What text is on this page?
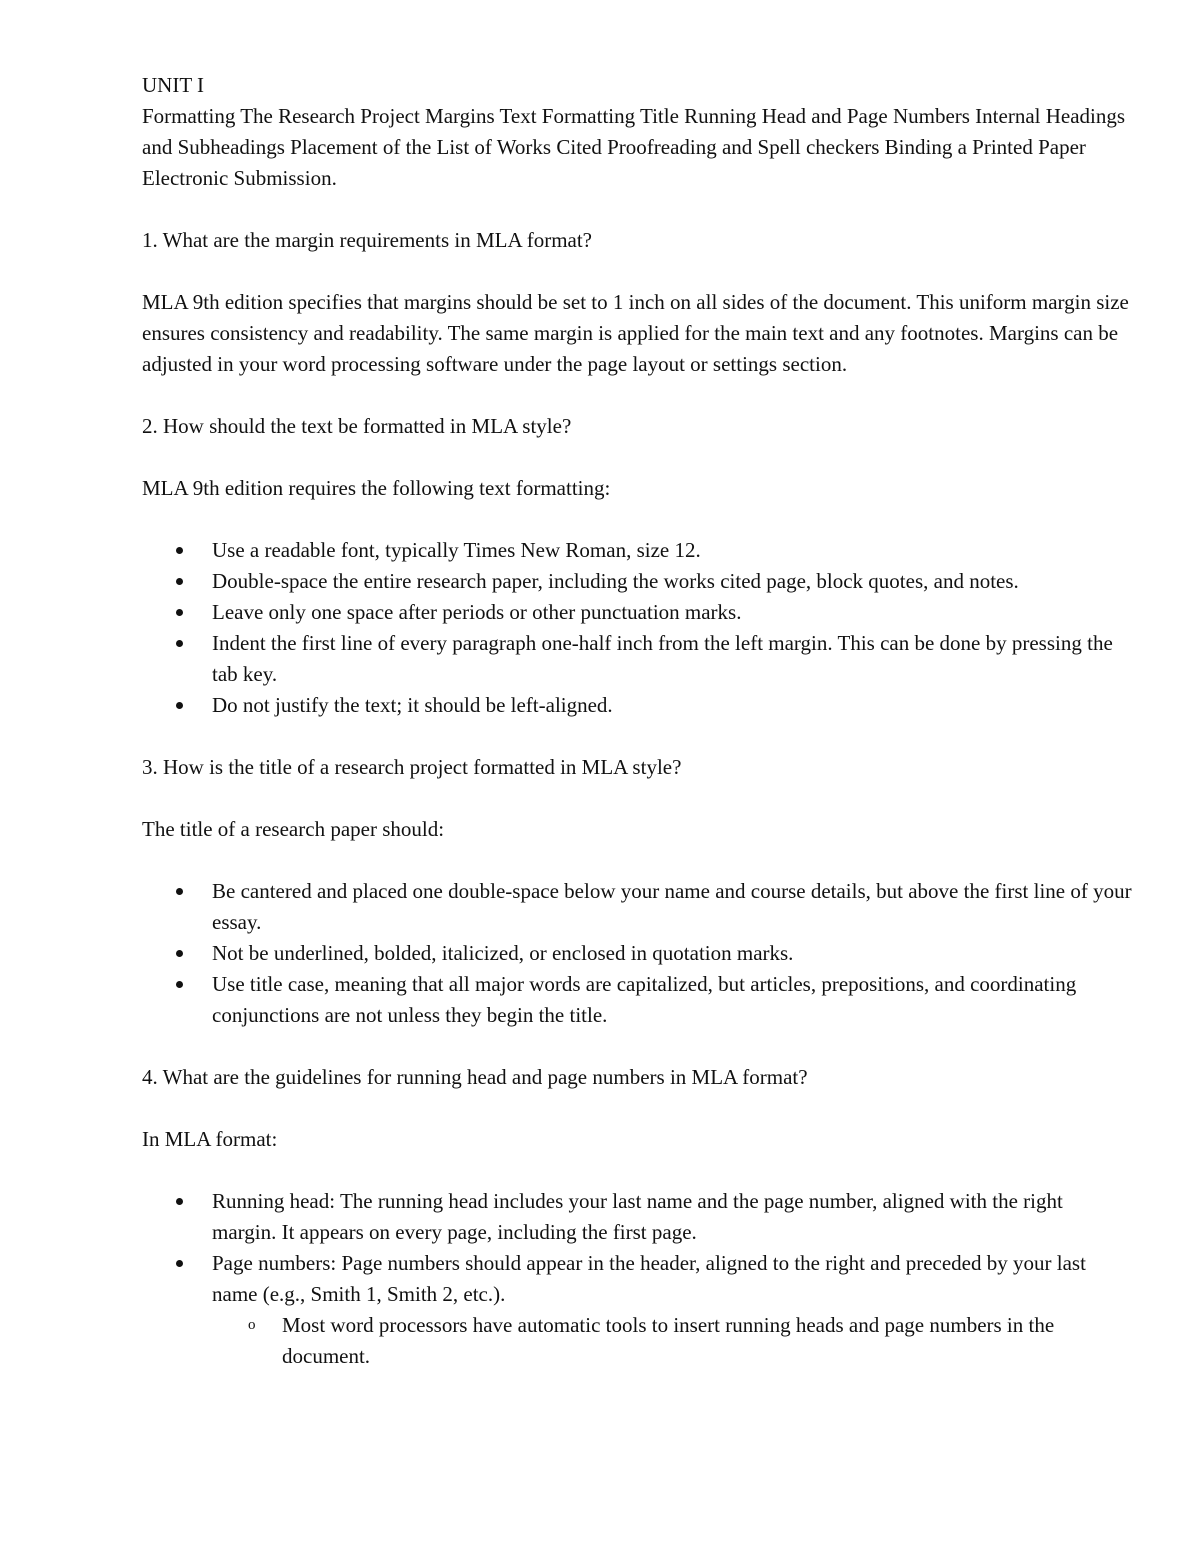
UNIT I

Formatting The Research Project Margins Text Formatting Title Running Head and Page Numbers Internal Headings and Subheadings Placement of the List of Works Cited Proofreading and Spell checkers Binding a Printed Paper Electronic Submission.

1. What are the margin requirements in MLA format?

MLA 9th edition specifies that margins should be set to 1 inch on all sides of the document. This uniform margin size ensures consistency and readability. The same margin is applied for the main text and any footnotes. Margins can be adjusted in your word processing software under the page layout or settings section.

2. How should the text be formatted in MLA style?

MLA 9th edition requires the following text formatting:

Use a readable font, typically Times New Roman, size 12.
Double-space the entire research paper, including the works cited page, block quotes, and notes.
Leave only one space after periods or other punctuation marks.
Indent the first line of every paragraph one-half inch from the left margin. This can be done by pressing the tab key.
Do not justify the text; it should be left-aligned.

3. How is the title of a research project formatted in MLA style?

The title of a research paper should:

Be cantered and placed one double-space below your name and course details, but above the first line of your essay.
Not be underlined, bolded, italicized, or enclosed in quotation marks.
Use title case, meaning that all major words are capitalized, but articles, prepositions, and coordinating conjunctions are not unless they begin the title.

4. What are the guidelines for running head and page numbers in MLA format?

In MLA format:

Running head: The running head includes your last name and the page number, aligned with the right margin. It appears on every page, including the first page.
Page numbers: Page numbers should appear in the header, aligned to the right and preceded by your last name (e.g., Smith 1, Smith 2, etc.).
o Most word processors have automatic tools to insert running heads and page numbers in the document.
